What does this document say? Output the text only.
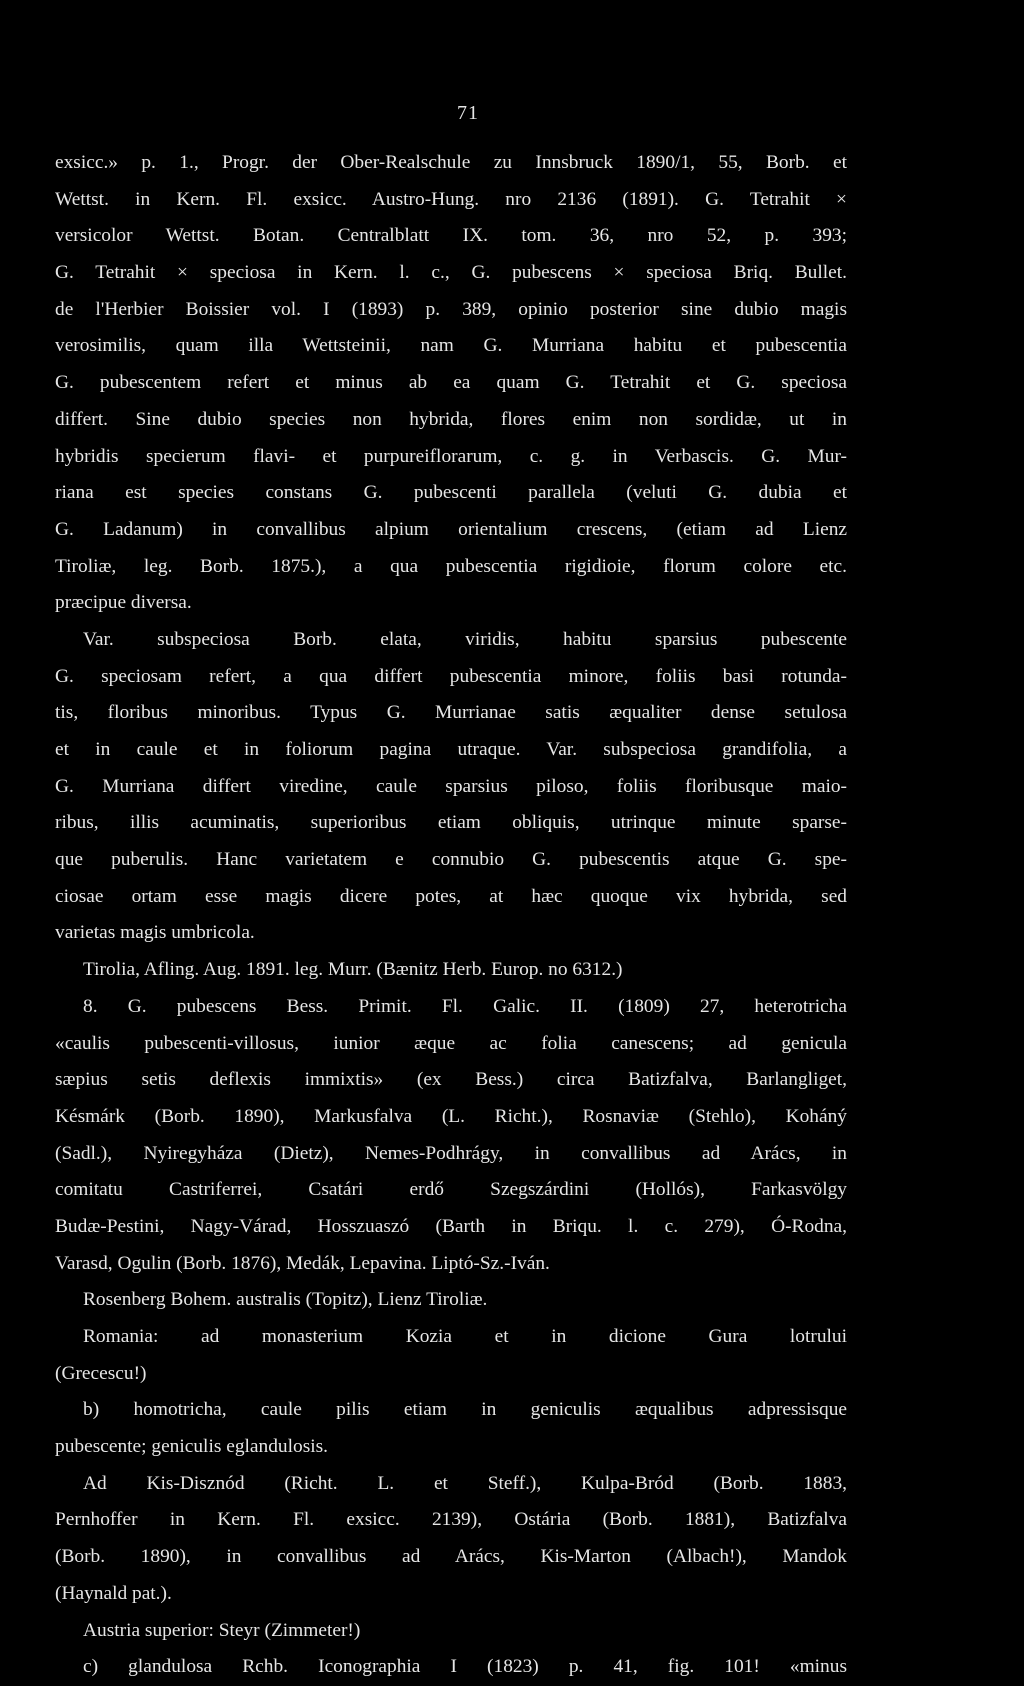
71
exsicc.» p. 1., Progr. der Ober-Realschule zu Innsbruck 1890/1, 55, Borb. et
Wettst. in Kern. Fl. exsicc. Austro-Hung. nro 2136 (1891). G. Tetrahit ×
versicolor Wettst. Botan. Centralblatt IX. tom. 36, nro 52, p. 393;
G. Tetrahit × speciosa in Kern. l. c., G. pubescens × speciosa Briq. Bullet.
de l'Herbier Boissier vol. I (1893) p. 389, opinio posterior sine dubio magis
verosimilis, quam illa Wettsteinii, nam G. Murriana habitu et pubescentia
G. pubescentem refert et minus ab ea quam G. Tetrahit et G. speciosa
differt. Sine dubio species non hybrida, flores enim non sordidæ, ut in
hybridis specierum flavi- et purpureiflorarum, c. g. in Verbascis. G. Mur-
riana est species constans G. pubescenti parallela (veluti G. dubia et
G. Ladanum) in convallibus alpium orientalium crescens, (etiam ad Lienz
Tiroliæ, leg. Borb. 1875.), a qua pubescentia rigidioie, florum colore etc.
præcipue diversa.
Var. subspeciosa Borb. elata, viridis, habitu sparsius pubescente
G. speciosam refert, a qua differt pubescentia minore, foliis basi rotunda-
tis, floribus minoribus. Typus G. Murrianae satis æqualiter dense setulosa
et in caule et in foliorum pagina utraque. Var. subspeciosa grandifolia, a
G. Murriana differt viredine, caule sparsius piloso, foliis floribusque maio-
ribus, illis acuminatis, superioribus etiam obliquis, utrinque minute sparse-
que puberulis. Hanc varietatem e connubio G. pubescentis atque G. spe-
ciosae ortam esse magis dicere potes, at hæc quoque vix hybrida, sed
varietas magis umbricola.
Tirolia, Afling. Aug. 1891. leg. Murr. (Bænitz Herb. Europ. no 6312.)
8. G. pubescens Bess. Primit. Fl. Galic. II. (1809) 27, heterotricha
«caulis pubescenti-villosus, iunior æque ac folia canescens; ad genicula
sæpius setis deflexis immixtis» (ex Bess.) circa Batizfalva, Barlangliget,
Késmárk (Borb. 1890), Markusfalva (L. Richt.), Rosnaviæ (Stehlo), Koháný
(Sadl.), Nyiregyháza (Dietz), Nemes-Podhrágy, in convallibus ad Arács, in
comitatu Castriferrei, Csatári erdő Szegszárdini (Hollós), Farkasvölgy
Budæ-Pestini, Nagy-Várad, Hosszuaszó (Barth in Briqu. l. c. 279), Ó-Rodna,
Varasd, Ogulin (Borb. 1876), Medák, Lepavina. Liptó-Sz.-Iván.
Rosenberg Bohem. australis (Topitz), Lienz Tiroliæ.
Romania: ad monasterium Kozia et in dicione Gura lotrului
(Grecescu!)
b) homotricha, caule pilis etiam in geniculis æqualibus adpressisque
pubescente; geniculis eglandulosis.
Ad Kis-Disznód (Richt. L. et Steff.), Kulpa-Bród (Borb. 1883,
Pernhoffer in Kern. Fl. exsicc. 2139), Ostária (Borb. 1881), Batizfalva
(Borb. 1890), in convallibus ad Arács, Kis-Marton (Albach!), Mandok
(Haynald pat.).
Austria superior: Steyr (Zimmeter!)
c) glandulosa Rchb. Iconographia I (1823) p. 41, fig. 101! «minus
